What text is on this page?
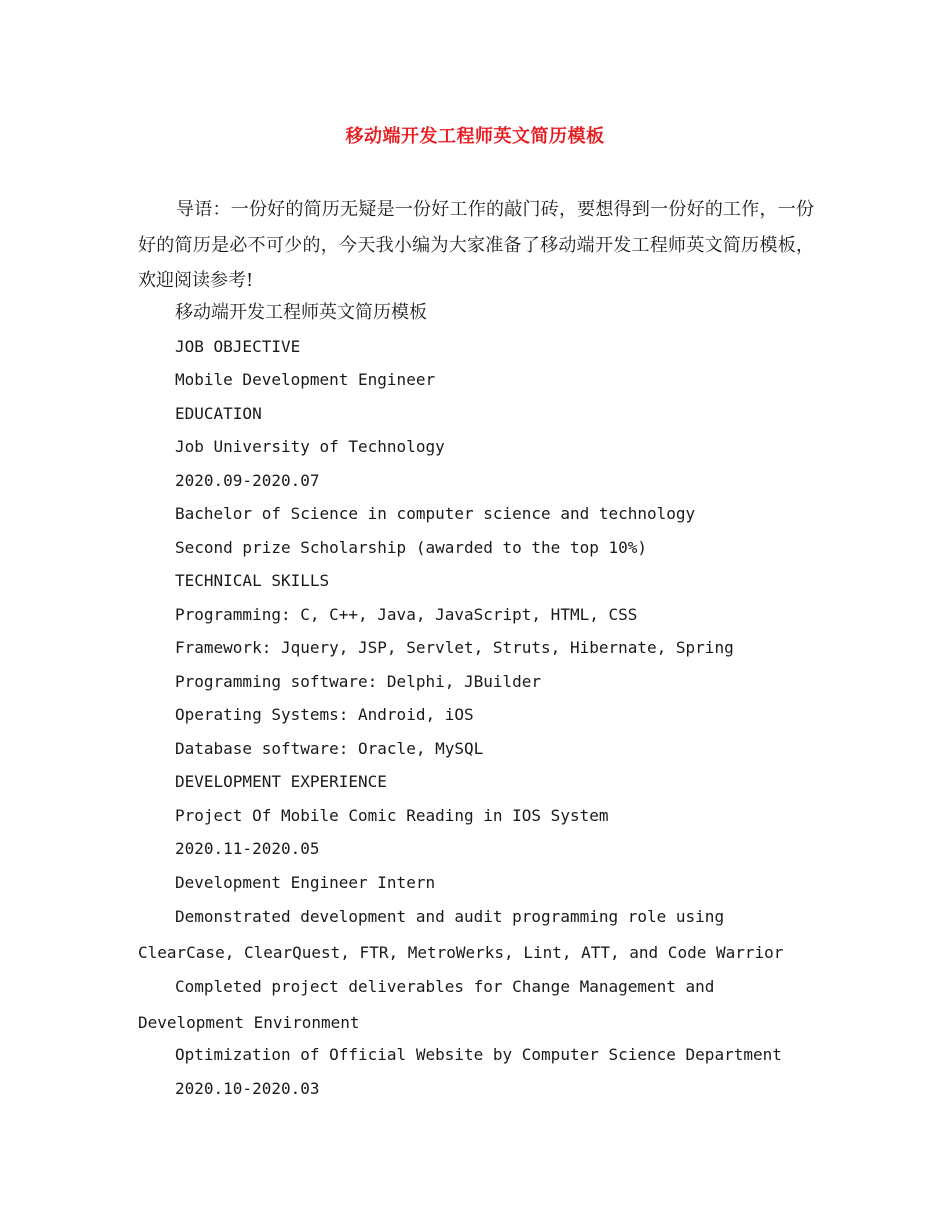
移动端开发工程师英文简历模板

导语：一份好的简历无疑是一份好工作的敲门砖，要想得到一份好的工作，一份好的简历是必不可少的，今天我小编为大家准备了移动端开发工程师英文简历模板，欢迎阅读参考!

移动端开发工程师英文简历模板
JOB OBJECTIVE
Mobile Development Engineer
EDUCATION
Job University of Technology
2020.09-2020.07
Bachelor of Science in computer science and technology
Second prize Scholarship (awarded to the top 10%)
TECHNICAL SKILLS
Programming: C, C++, Java, JavaScript, HTML, CSS
Framework: Jquery, JSP, Servlet, Struts, Hibernate, Spring
Programming software: Delphi, JBuilder
Operating Systems: Android, iOS
Database software: Oracle, MySQL
DEVELOPMENT EXPERIENCE
Project Of Mobile Comic Reading in IOS System
2020.11-2020.05
Development Engineer Intern

Demonstrated development and audit programming role using ClearCase, ClearQuest, FTR, MetroWerks, Lint, ATT, and Code Warrior

Completed project deliverables for Change Management and Development Environment

Optimization of Official Website by Computer Science Department
2020.10-2020.03
